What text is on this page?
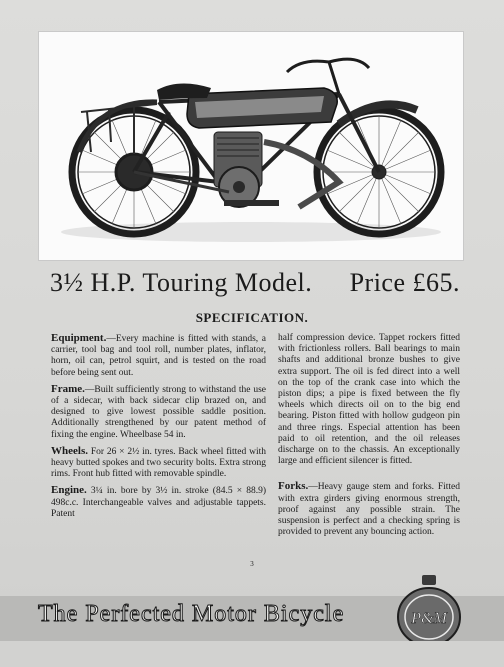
3½ H.P. Touring Model. Price £65.
SPECIFICATION.

Equipment.—Every machine is fitted with stands, a carrier, tool bag and tool roll, number plates, inflator, horn, oil can, petrol squirt, and is tested on the road before being sent out.

Frame.—Built sufficiently strong to withstand the use of a sidecar, with back sidecar clip brazed on, and designed to give lowest possible saddle position. Additionally strengthened by our patent method of fixing the engine. Wheelbase 54 in.

Wheels. For 26 × 2½ in. tyres. Back wheel fitted with heavy butted spokes and two security bolts. Extra strong rims. Front hub fitted with removable spindle.

Engine. 3¼ in. bore by 3½ in. stroke (84.5 × 88.9) 498c.c. Interchangeable valves and adjustable tappets. Patent

half compression device. Tappet rockers fitted with frictionless rollers. Ball bearings to main shafts and additional bronze bushes to give extra support. The oil is fed direct into a well on the top of the crank case into which the piston dips; a pipe is fixed between the fly wheels which directs oil on to the big end bearing. Piston fitted with hollow gudgeon pin and three rings. Especial attention has been paid to oil retention, and the oil releases discharge on to the chassis. An exceptionally large and efficient silencer is fitted.

Forks.—Heavy gauge stem and forks. Fitted with extra girders giving enormous strength, proof against any possible strain. The suspension is perfect and a checking spring is provided to prevent any bouncing action.

3
The Perfected Motor Bicycle	P&M
